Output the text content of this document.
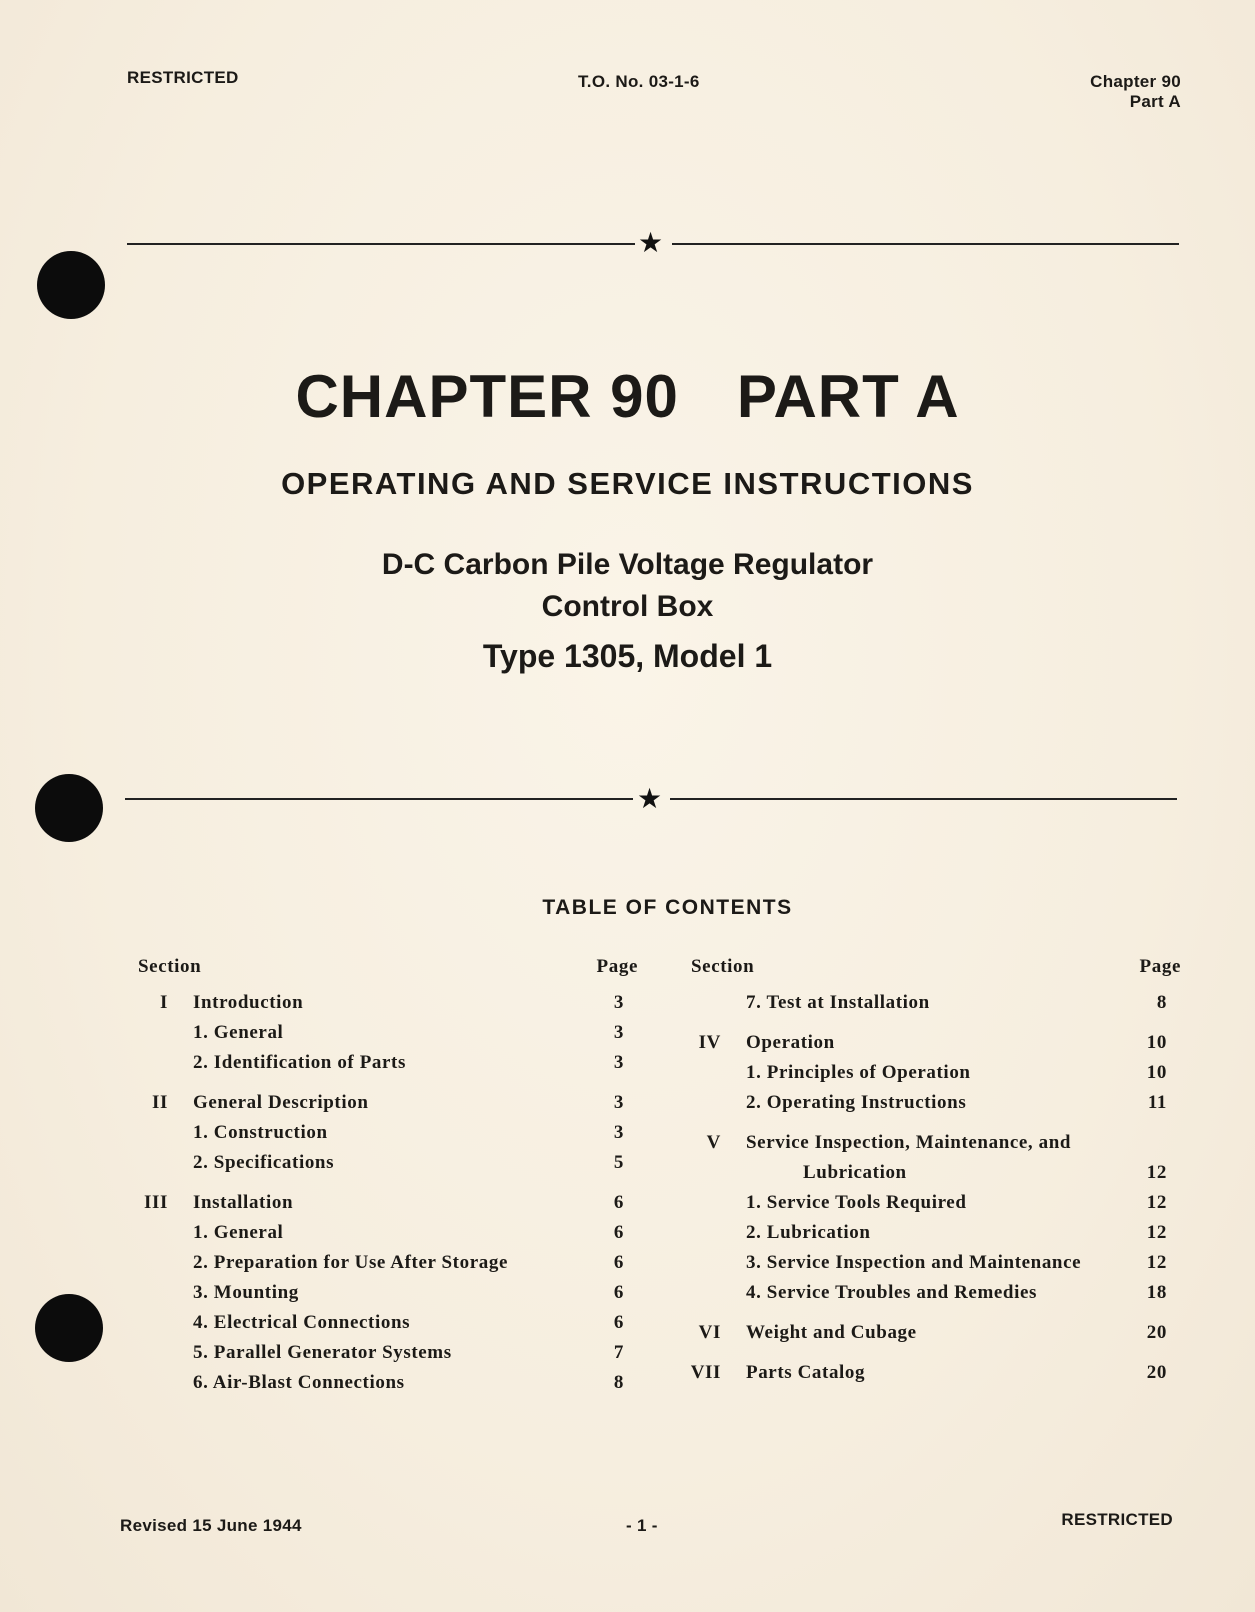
RESTRICTED	T.O. No. 03-1-6	Chapter 90
Part A
★
CHAPTER 90 PART A
OPERATING AND SERVICE INSTRUCTIONS
D-C Carbon Pile Voltage Regulator
Control Box
Type 1305, Model 1
★
TABLE OF CONTENTS
Section	Page
I Introduction	3
1. General	3
2. Identification of Parts	3
II General Description	3
1. Construction	3
2. Specifications	5
III Installation	6
1. General	6
2. Preparation for Use After Storage	6
3. Mounting	6
4. Electrical Connections	6
5. Parallel Generator Systems	7
6. Air-Blast Connections	8
Section	Page
7. Test at Installation	8
IV Operation	10
1. Principles of Operation	10
2. Operating Instructions	11
V Service Inspection, Maintenance, and
Lubrication	12
1. Service Tools Required	12
2. Lubrication	12
3. Service Inspection and Maintenance	12
4. Service Troubles and Remedies	18
VI Weight and Cubage	20
VII Parts Catalog	20
Revised 15 June 1944	- 1 -	RESTRICTED
